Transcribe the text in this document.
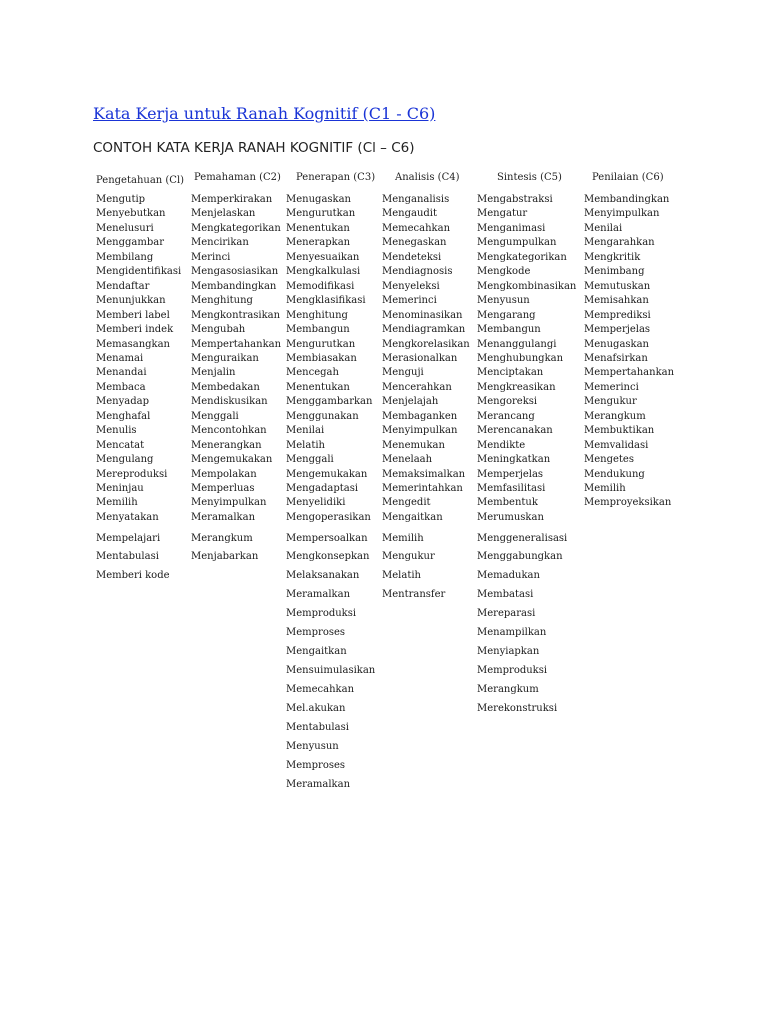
Kata Kerja untuk Ranah Kognitif (C1 - C6)
CONTOH KATA KERJA RANAH KOGNITIF (Cl – C6)
Pengetahuan (Cl)
Mengutip
Menyebutkan
Menelusuri
Menggambar
Membilang
Mengidentifikasi
Mendaftar
Menunjukkan
Memberi label
Memberi indek
Memasangkan
Menamai
Menandai
Membaca
Menyadap
Menghafal
Menulis
Mencatat
Mengulang
Mereproduksi
Meninjau
Memilih
Menyatakan
Mempelajari
Mentabulasi
Memberi kode
Pemahaman (C2)
Memperkirakan
Menjelaskan
Mengkategorikan
Mencirikan
Merinci
Mengasosiasikan
Membandingkan
Menghitung
Mengkontrasikan
Mengubah
Mempertahankan
Menguraikan
Menjalin
Membedakan
Mendiskusikan
Menggali
Mencontohkan
Menerangkan
Mengemukakan
Mempolakan
Memperluas
Menyimpulkan
Meramalkan
Merangkum
Menjabarkan
Penerapan (C3)
Menugaskan
Mengurutkan
Menentukan
Menerapkan
Menyesuaikan
Mengkalkulasi
Memodifikasi
Mengklasifikasi
Menghitung
Membangun
Mengurutkan
Membiasakan
Mencegah
Menentukan
Menggambarkan
Menggunakan
Menilai
Melatih
Menggali
Mengemukakan
Mengadaptasi
Menyelidiki
Mengoperasikan
Mempersoalkan
Mengkonsepkan
Melaksanakan
Meramalkan
Memproduksi
Memproses
Mengaitkan
Mensuimulasikan
Memecahkan
Mel.akukan
Mentabulasi
Menyusun
Memproses
Meramalkan
Analisis (C4)
Menganalisis
Mengaudit
Memecahkan
Menegaskan
Mendeteksi
Mendiagnosis
Menyeleksi
Memerinci
Menominasikan
Mendiagramkan
Mengkorelasikan
Merasionalkan
Menguji
Mencerahkan
Menjelajah
Membaganken
Menyimpulkan
Menemukan
Menelaah
Memaksimalkan
Memerintahkan
Mengedit
Mengaitkan
Memilih
Mengukur
Melatih
Mentransfer
Sintesis (C5)
Mengabstraksi
Mengatur
Menganimasi
Mengumpulkan
Mengkategorikan
Mengkode
Mengkombinasikan
Menyusun
Mengarang
Membangun
Menanggulangi
Menghubungkan
Menciptakan
Mengkreasikan
Mengoreksi
Merancang
Merencanakan
Mendikte
Meningkatkan
Memperjelas
Memfasilitasi
Membentuk
Merumuskan
Menggeneralisasi
Menggabungkan
Memadukan
Membatasi
Mereparasi
Menampilkan
Menyiapkan
Memproduksi
Merangkum
Merekonstruksi
Penilaian (C6)
Membandingkan
Menyimpulkan
Menilai
Mengarahkan
Mengkritik
Menimbang
Memutuskan
Memisahkan
Memprediksi
Memperjelas
Menugaskan
Menafsirkan
Mempertahankan
Memerinci
Mengukur
Merangkum
Membuktikan
Memvalidasi
Mengetes
Mendukung
Memilih
Memproyeksikan
